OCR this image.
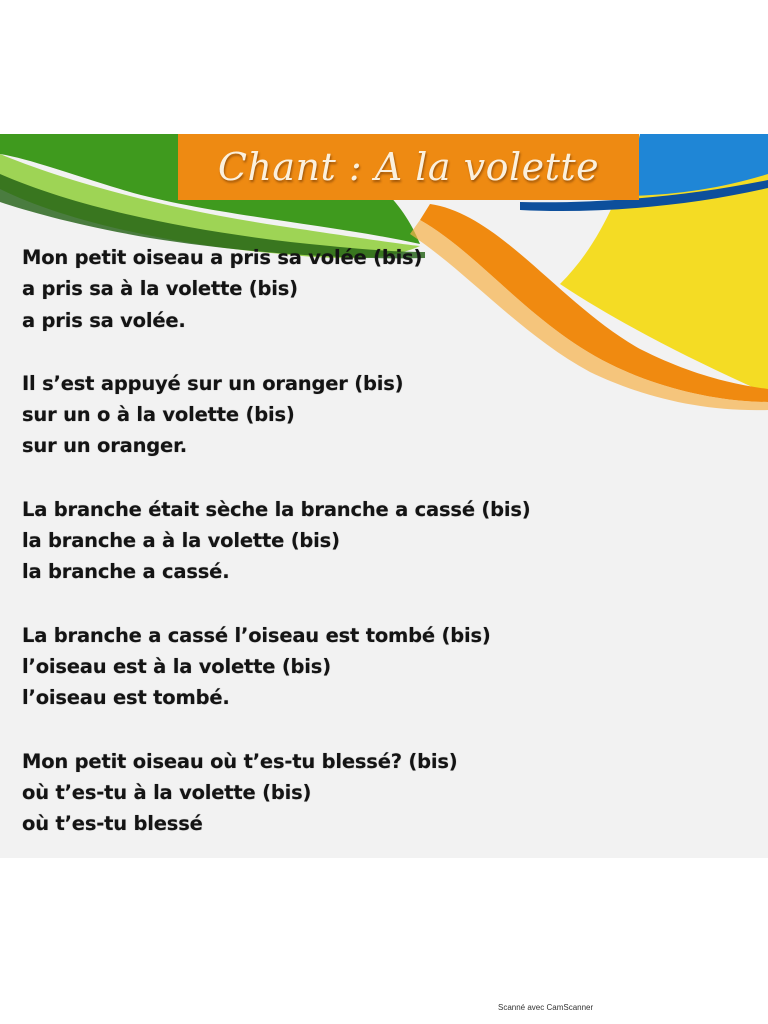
Chant : A la volette
Mon petit oiseau a pris sa volée (bis)
a pris sa à la volette (bis)
a pris sa volée.
Il s’est appuyé sur un oranger (bis)
sur un o à la volette (bis)
sur un oranger.
La branche était sèche la branche a cassé (bis)
la branche a à la volette (bis)
la branche a cassé.
La branche a cassé l’oiseau est tombé (bis)
l’oiseau est à la volette (bis)
l’oiseau est tombé.
Mon petit oiseau où t’es-tu blessé? (bis)
où t’es-tu à la volette (bis)
où t’es-tu blessé
Scanné avec CamScanner
